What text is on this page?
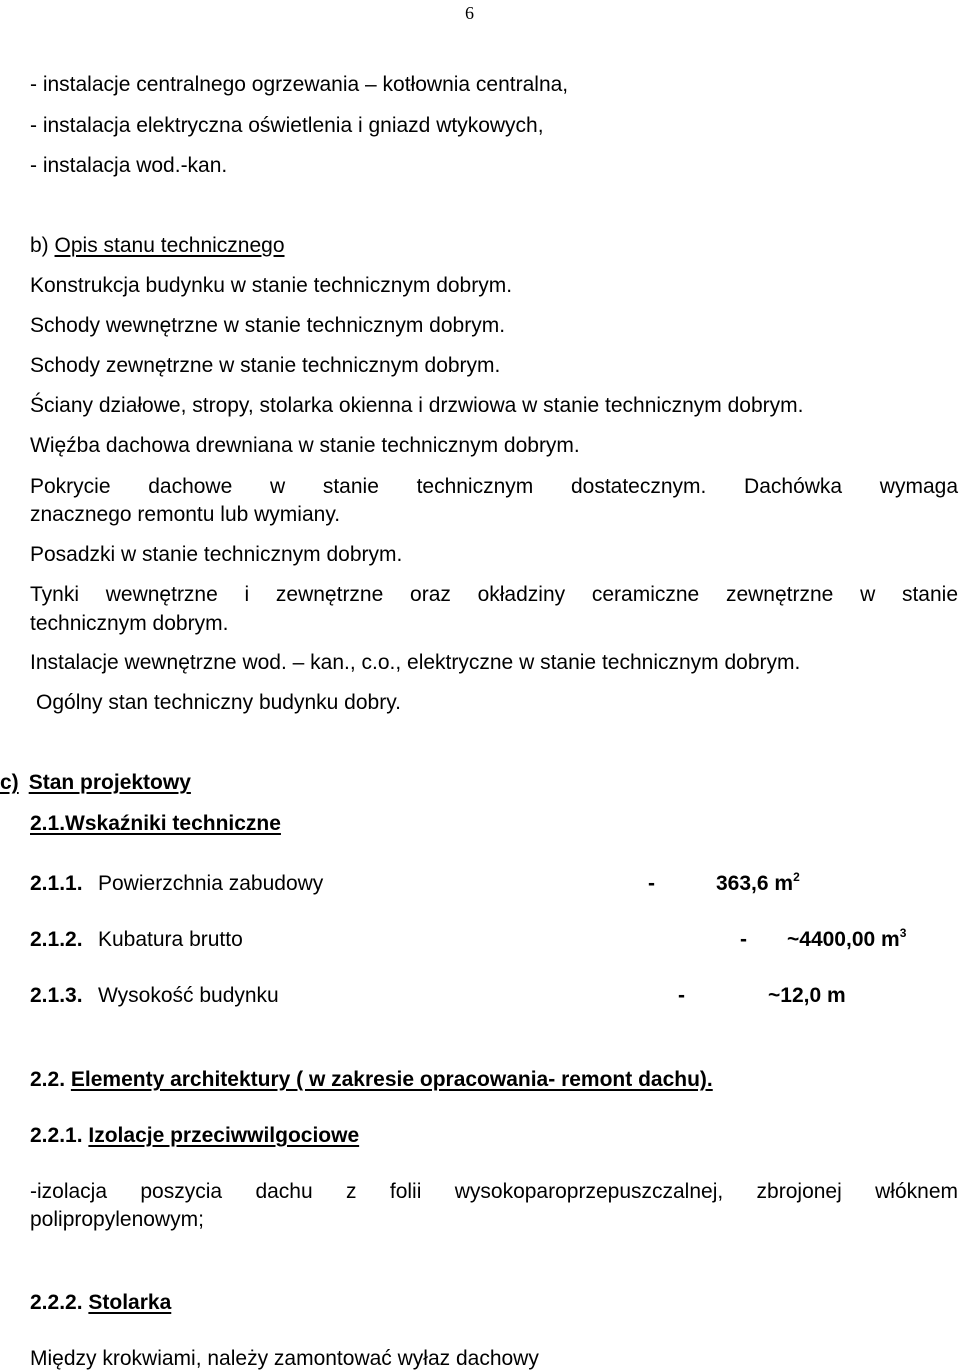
6
- instalacje centralnego ogrzewania – kotłownia centralna,
- instalacja elektryczna oświetlenia i gniazd wtykowych,
- instalacja wod.-kan.
b) Opis stanu technicznego
Konstrukcja budynku w stanie technicznym dobrym.
Schody wewnętrzne w stanie technicznym dobrym.
Schody zewnętrzne w stanie technicznym dobrym.
Ściany działowe, stropy, stolarka okienna i drzwiowa w stanie technicznym dobrym.
Więźba dachowa drewniana w stanie technicznym dobrym.
Pokrycie dachowe w stanie technicznym dostatecznym. Dachówka wymaga
znacznego remontu lub wymiany.
Posadzki w stanie technicznym dobrym.
Tynki wewnętrzne i zewnętrzne oraz okładziny ceramiczne zewnętrzne w stanie
technicznym dobrym.
Instalacje wewnętrzne wod. – kan., c.o., elektryczne w stanie technicznym dobrym.
Ogólny stan techniczny budynku dobry.
c) Stan projektowy
2.1.Wskaźniki techniczne
2.1.1. Powierzchnia zabudowy	-	363,6 $m^2$
2.1.2. Kubatura brutto	- ~4400,00 $m^3$
2.1.3. Wysokość budynku	-	~12,0 m
2.2. Elementy architektury ( w zakresie opracowania- remont dachu).
2.2.1. Izolacje przeciwwilgociowe
-izolacja poszycia dachu z folii wysokoparoprzepuszczalnej, zbrojonej włóknem
polipropylenowym;
2.2.2. Stolarka
Między krokwiami, należy zamontować wyłaz dachowy
